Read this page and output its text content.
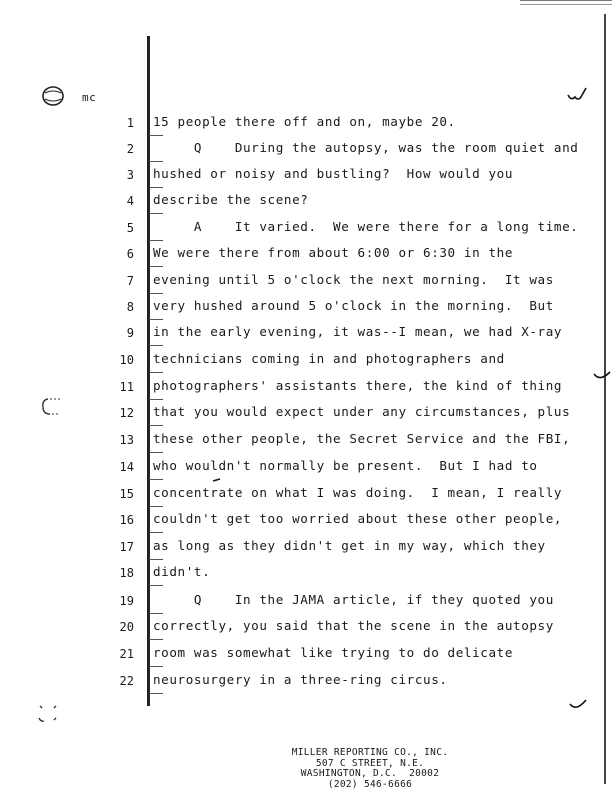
mc
1 15 people there off and on, maybe 20.
2 Q    During the autopsy, was the room quiet and
3 hushed or noisy and bustling?  How would you
4 describe the scene?
5 A    It varied.  We were there for a long time.
6 We were there from about 6:00 or 6:30 in the
7 evening until 5 o'clock the next morning.  It was
8 very hushed around 5 o'clock in the morning.  But
9 in the early evening, it was--I mean, we had X-ray
10 technicians coming in and photographers and
11 photographers' assistants there, the kind of thing
12 that you would expect under any circumstances, plus
13 these other people, the Secret Service and the FBI,
14 who wouldn't normally be present.  But I had to
15 concentrate on what I was doing.  I mean, I really
16 couldn't get too worried about these other people,
17 as long as they didn't get in my way, which they
18 didn't.
19 Q    In the JAMA article, if they quoted you
20 correctly, you said that the scene in the autopsy
21 room was somewhat like trying to do delicate
22 neurosurgery in a three-ring circus.
MILLER REPORTING CO., INC.
507 C STREET, N.E.
WASHINGTON, D.C.  20002
(202) 546-6666
